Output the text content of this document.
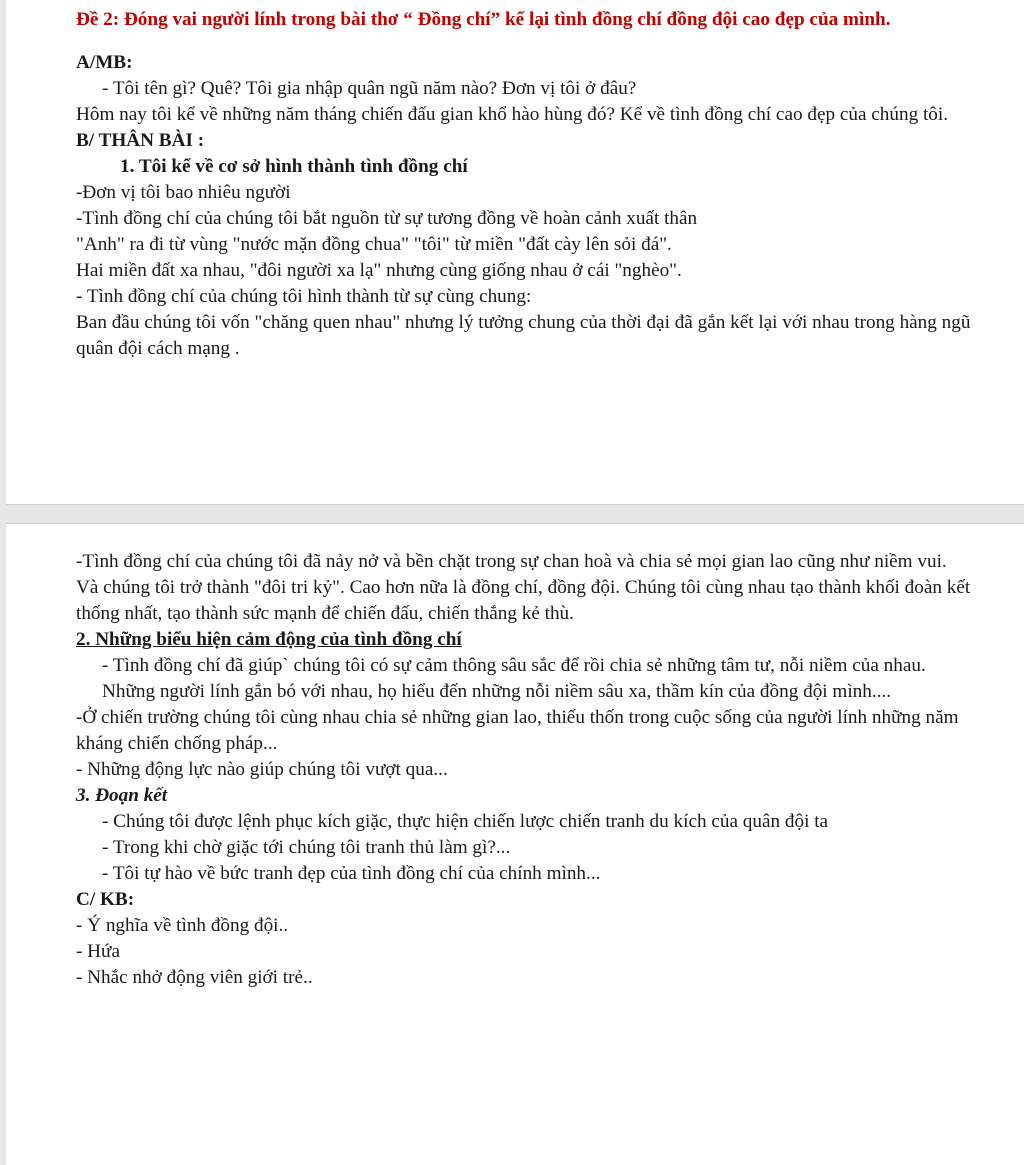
Đề 2: Đóng vai người lính trong bài thơ “ Đồng chí” kể lại tình đồng chí đồng đội cao đẹp của mình.

A/MB:

- Tôi tên gì? Quê? Tôi gia nhập quân ngũ năm nào? Đơn vị tôi ở đâu?

Hôm nay tôi kể về những năm tháng chiến đấu gian khổ hào hùng đó? Kể về tình đồng chí cao đẹp của chúng tôi.

B/ THÂN BÀI :

1. Tôi kể về cơ sở hình thành tình đồng chí

-Đơn vị tôi bao nhiêu người

-Tình đồng chí của chúng tôi bắt nguồn từ sự tương đồng về hoàn cảnh xuất thân

"Anh" ra đi từ vùng "nước mặn đồng chua" "tôi" từ miền "đất cày lên sỏi đá".

Hai miền đất xa nhau, "đôi người xa lạ" nhưng cùng giống nhau ở cái "nghèo".

- Tình đồng chí của chúng tôi hình thành từ sự cùng chung:

Ban đầu chúng tôi vốn "chăng quen nhau" nhưng lý tưởng chung của thời đại đã gắn kết lại với nhau trong hàng ngũ quân đội cách mạng .

-Tình đồng chí của chúng tôi đã nảy nở và bền chặt trong sự chan hoà và chia sẻ mọi gian lao cũng như niềm vui. Và chúng tôi trở thành "đôi tri kỷ". Cao hơn nữa là đồng chí, đồng đội. Chúng tôi cùng nhau tạo thành khối đoàn kết thống nhất, tạo thành sức mạnh để chiến đấu, chiến thắng kẻ thù.

2. Những biểu hiện cảm động của tình đồng chí

- Tình đồng chí đã giúp` chúng tôi có sự cảm thông sâu sắc để rồi chia sẻ những tâm tư, nỗi niềm của nhau. Những người lính gắn bó với nhau, họ hiểu đến những nỗi niềm sâu xa, thầm kín của đồng đội mình....

-Ở chiến trường chúng tôi cùng nhau chia sẻ những gian lao, thiếu thốn trong cuộc sống của người lính những năm kháng chiến chống pháp...

- Những động lực nào giúp chúng tôi vượt qua...

3. Đoạn kết

- Chúng tôi được lệnh phục kích giặc, thực hiện chiến lược chiến tranh du kích của quân đội ta

- Trong khi chờ giặc tới chúng tôi tranh thủ làm gì?...

- Tôi tự hào về bức tranh đẹp của tình đồng chí của chính mình...

C/ KB:

- Ý nghĩa về tình đồng đội..

- Hứa

- Nhắc nhở động viên giới trẻ..
